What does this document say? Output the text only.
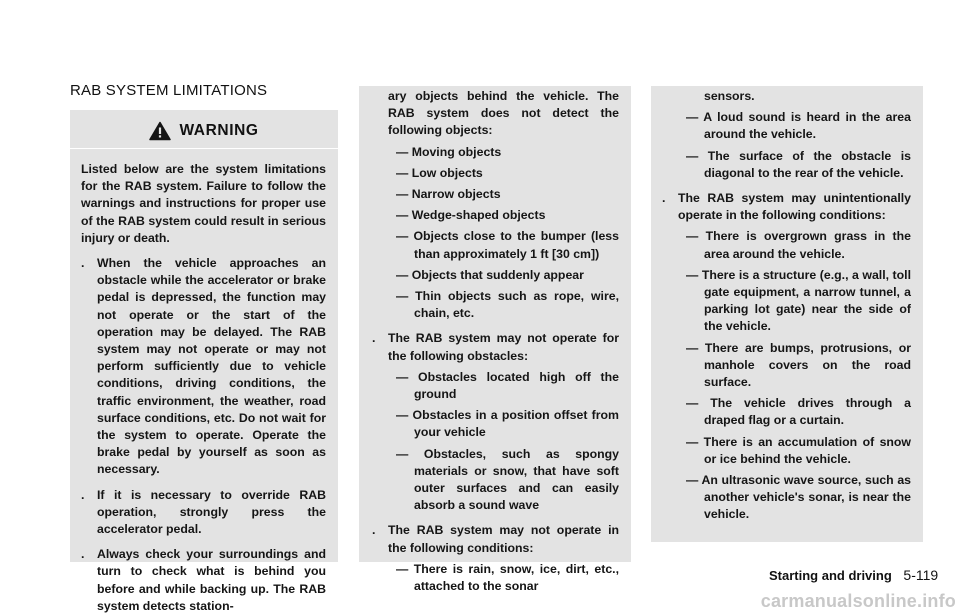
RAB SYSTEM LIMITATIONS
WARNING
Listed below are the system limitations for the RAB system. Failure to follow the warnings and instructions for proper use of the RAB system could result in serious injury or death.
. When the vehicle approaches an obstacle while the accelerator or brake pedal is depressed, the function may not operate or the start of the operation may be delayed. The RAB system may not operate or may not perform sufficiently due to vehicle conditions, driving conditions, the traffic environment, the weather, road surface conditions, etc. Do not wait for the system to operate. Operate the brake pedal by yourself as soon as necessary.
. If it is necessary to override RAB operation, strongly press the accelerator pedal.
. Always check your surroundings and turn to check what is behind you before and while backing up. The RAB system detects station-
ary objects behind the vehicle. The RAB system does not detect the following objects:
— Moving objects
— Low objects
— Narrow objects
— Wedge-shaped objects
— Objects close to the bumper (less than approximately 1 ft [30 cm])
— Objects that suddenly appear
— Thin objects such as rope, wire, chain, etc.
. The RAB system may not operate for the following obstacles:
— Obstacles located high off the ground
— Obstacles in a position offset from your vehicle
— Obstacles, such as spongy materials or snow, that have soft outer surfaces and can easily absorb a sound wave
. The RAB system may not operate in the following conditions:
— There is rain, snow, ice, dirt, etc., attached to the sonar
sensors.
— A loud sound is heard in the area around the vehicle.
— The surface of the obstacle is diagonal to the rear of the vehicle.
. The RAB system may unintentionally operate in the following conditions:
— There is overgrown grass in the area around the vehicle.
— There is a structure (e.g., a wall, toll gate equipment, a narrow tunnel, a parking lot gate) near the side of the vehicle.
— There are bumps, protrusions, or manhole covers on the road surface.
— The vehicle drives through a draped flag or a curtain.
— There is an accumulation of snow or ice behind the vehicle.
— An ultrasonic wave source, such as another vehicle's sonar, is near the vehicle.
Starting and driving 5-119
carmanualsonline.info
